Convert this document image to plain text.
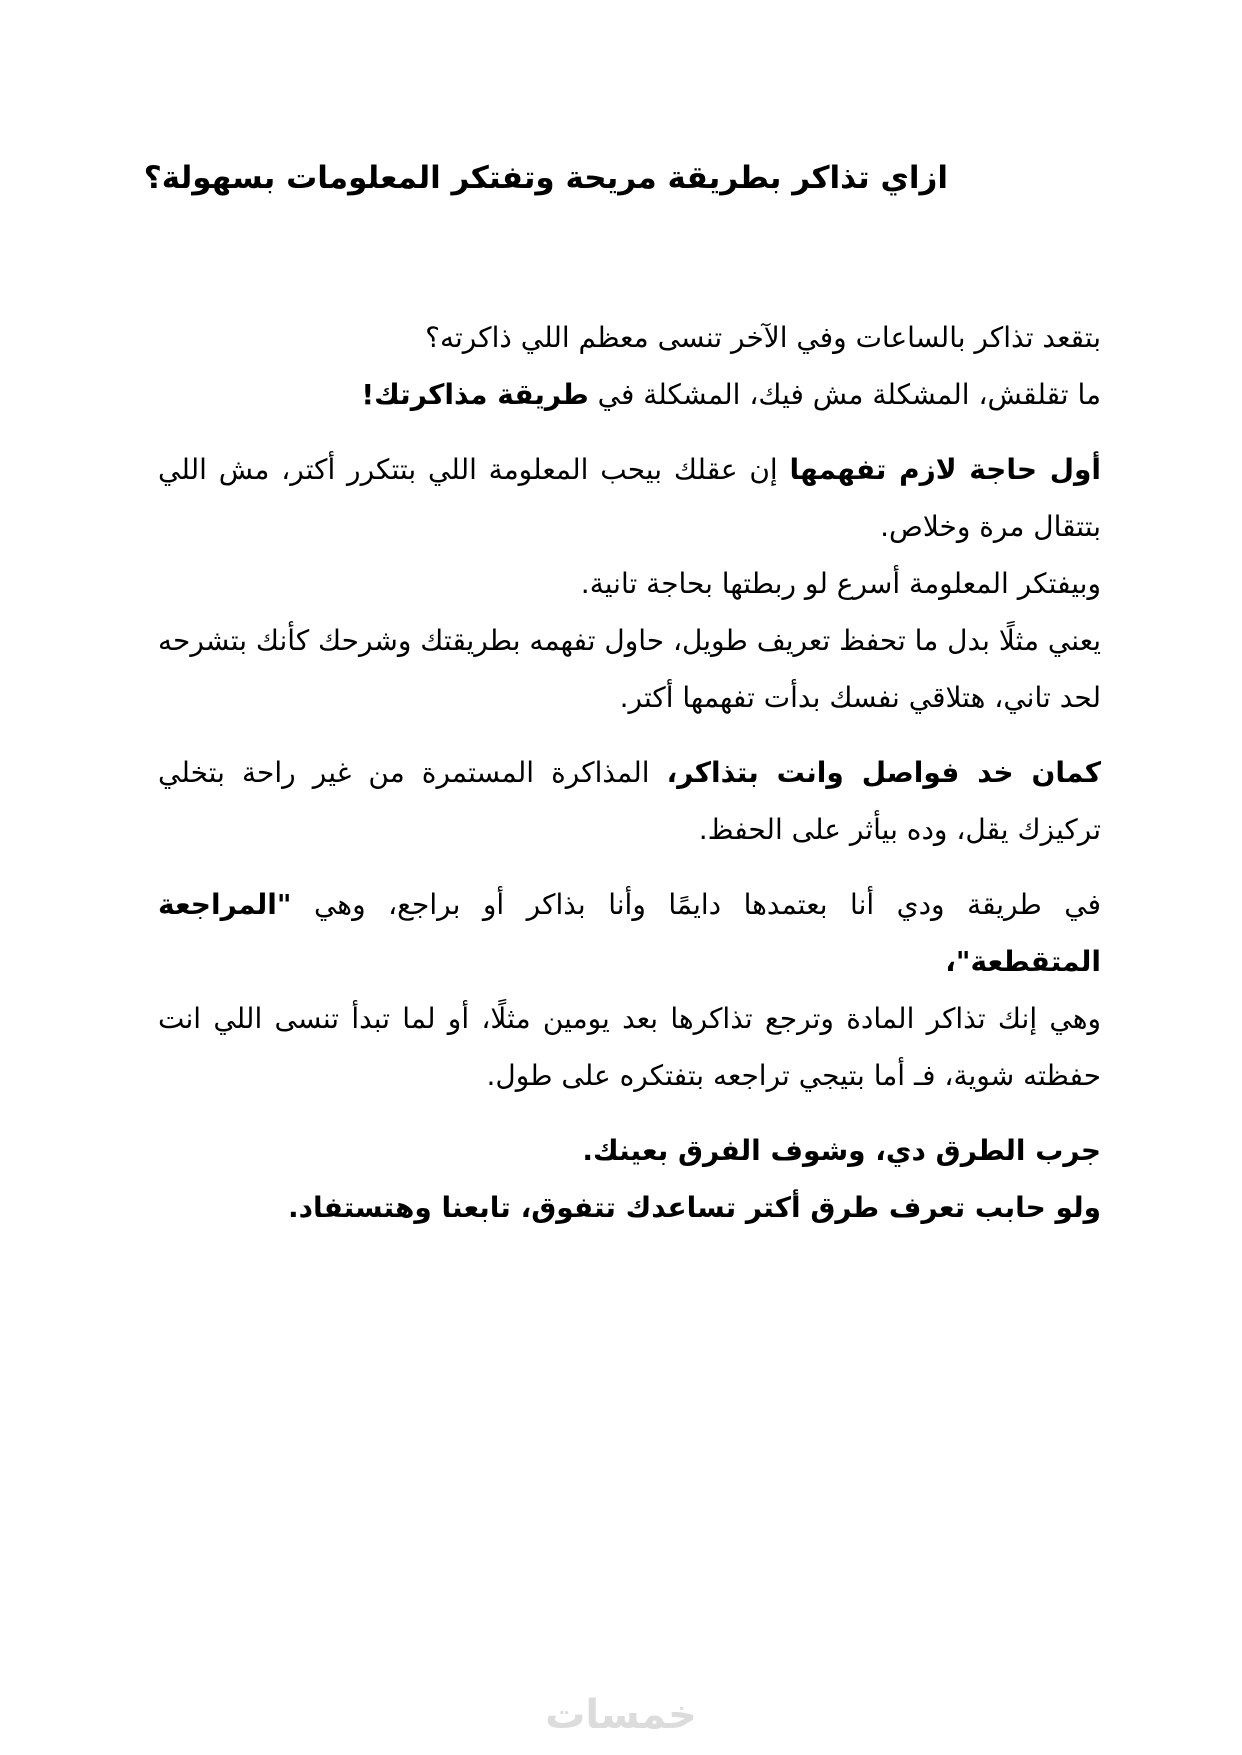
ازاي تذاكر بطريقة مريحة وتفتكر المعلومات بسهولة؟
بتقعد تذاكر بالساعات وفي الآخر تنسى معظم اللي ذاكرته؟
ما تقلقش، المشكلة مش فيك، المشكلة في طريقة مذاكرتك!
أول حاجة لازم تفهمها إن عقلك بيحب المعلومة اللي بتتكرر أكتر، مش اللي بتتقال مرة وخلاص.
وبيفتكر المعلومة أسرع لو ربطتها بحاجة تانية.
يعني مثلًا بدل ما تحفظ تعريف طويل، حاول تفهمه بطريقتك وشرحك كأنك بتشرحه لحد تاني، هتلاقي نفسك بدأت تفهمها أكتر.
كمان خد فواصل وانت بتذاكر، المذاكرة المستمرة من غير راحة بتخلي تركيزك يقل، وده بيأثر على الحفظ.
في طريقة ودي أنا بعتمدها دايمًا وأنا بذاكر أو براجع، وهي "المراجعة المتقطعة"،
وهي إنك تذاكر المادة وترجع تذاكرها بعد يومين مثلًا، أو لما تبدأ تنسى اللي انت حفظته شوية، فـ أما بتيجي تراجعه بتفتكره على طول.
جرب الطرق دي، وشوف الفرق بعينك.
ولو حابب تعرف طرق أكتر تساعدك تتفوق، تابعنا وهتستفاد.
خمسات
